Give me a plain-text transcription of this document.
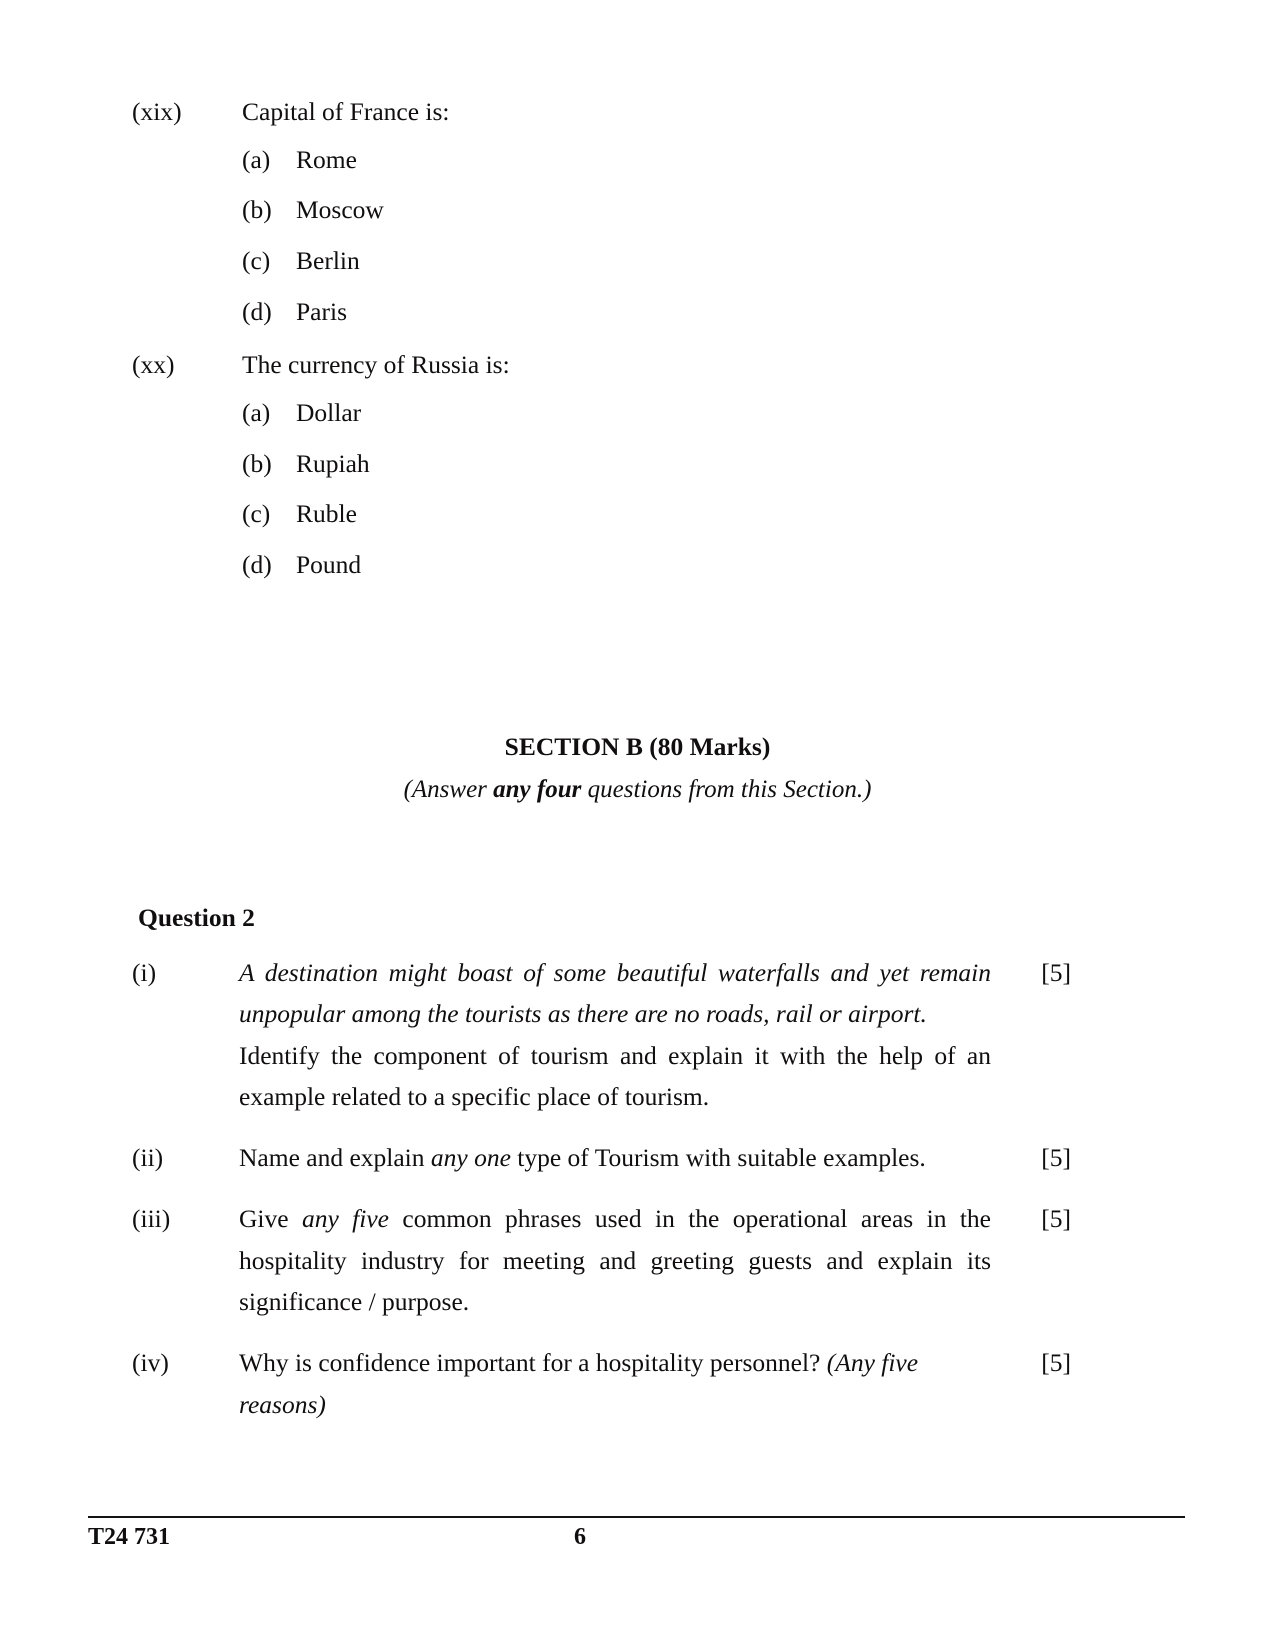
(xix)	Capital of France is:
(a)	Rome
(b) Moscow
(c)	Berlin
(d) Paris
(xx)	The currency of Russia is:
(a)	Dollar
(b) Rupiah
(c)	Ruble
(d) Pound
SECTION B (80 Marks)
(Answer any four questions from this Section.)
Question 2
(i)	A destination might boast of some beautiful waterfalls and yet remain unpopular among the tourists as there are no roads, rail or airport.
Identify the component of tourism and explain it with the help of an example related to a specific place of tourism.
[5]
(ii)	Name and explain any one type of Tourism with suitable examples.	[5]
(iii)	Give any five common phrases used in the operational areas in the hospitality industry for meeting and greeting guests and explain its significance / purpose.
[5]
(iv)	Why is confidence important for a hospitality personnel? (Any five reasons)
[5]
T24 731	6
